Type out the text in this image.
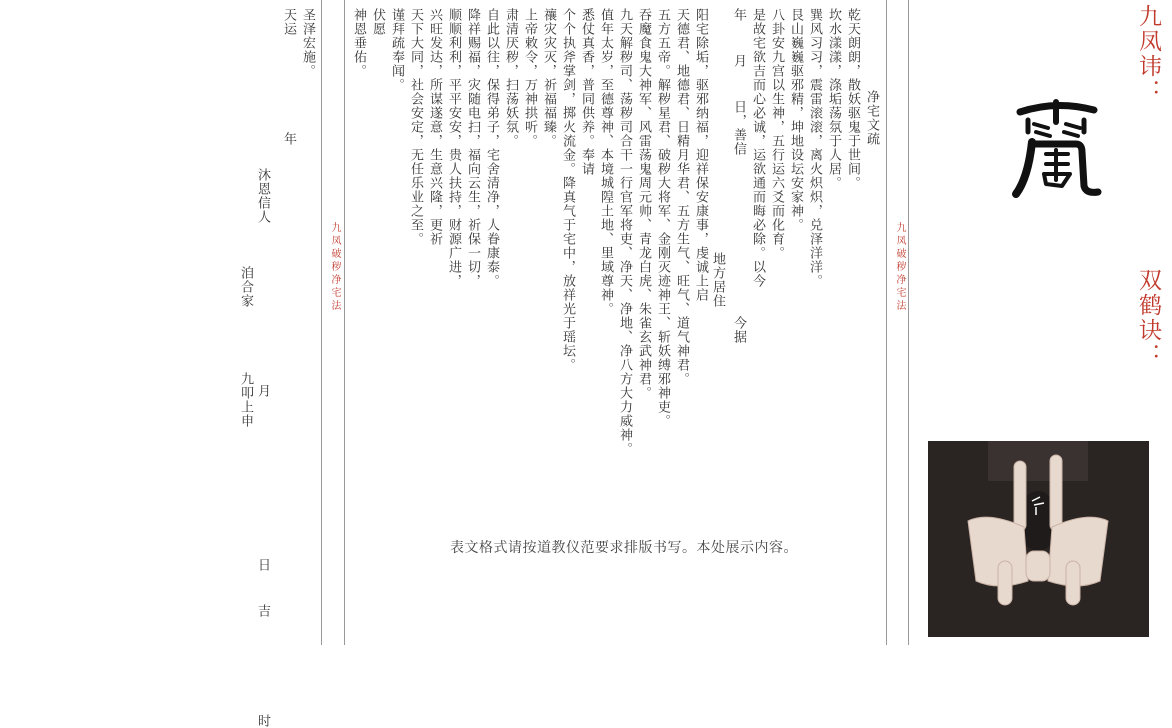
九凤破秽净宅法	九凤破秽净宅法
乾天朗朗，散妖驱鬼于世间。
坎水漾漾，涤垢荡氛于人居。
巽风习习，震雷滚滚，离火炽炽，兑泽洋洋。
艮山巍巍驱邪精，坤地设坛安家神。
八卦安九宫以生神，五行运六爻而化育。
是故宅欲吉而心必诚，运欲通而晦必除。以今
年  月  日，善信          今据
阳宅除垢，驱邪纳福，迎祥保安康事，虔诚上启
天德君、地德君、日精月华君、五方生气、旺气、道气神君。
五方五帝。解秽星君、破秽大将军、金刚灭迹神王、斩妖缚邪神吏。
吞魔食鬼大神军、风雷荡鬼周元帅、青龙白虎、朱雀玄武神君。
九天解秽司、荡秽司合干一行官军将吏、净天、净地、净八方大力威神。
值年太岁，至德尊神、本境城隍土地、里域尊神。
悉仗真香，普同供养。奉请
个个执斧掌剑，掷火流金。降真气于宅中，放祥光于瑶坛。
禳灾灾灭，祈福福臻。
上帝敕令，万神拱听。
肃清厌秽，扫荡妖氛。
自此以往，保得弟子，宅舍清净，人眷康泰。
降祥赐福，灾随电扫，福向云生，祈保一切，
顺顺利利，平平安安，贵人扶持，财源广进，
兴旺发达，所谋遂意，生意兴隆，更祈
天下大同，社会安定，无任乐业之至。
谨拜疏奉闻。
伏愿
神恩垂佑。
净宅文疏
地方居住
圣泽宏施。
天运      年
沐恩信人          月          日  吉      时
洎合家    九叩上申
表文格式请按道教仪范要求排版书写。本处展示内容。
九凤讳：
双鹤诀：
